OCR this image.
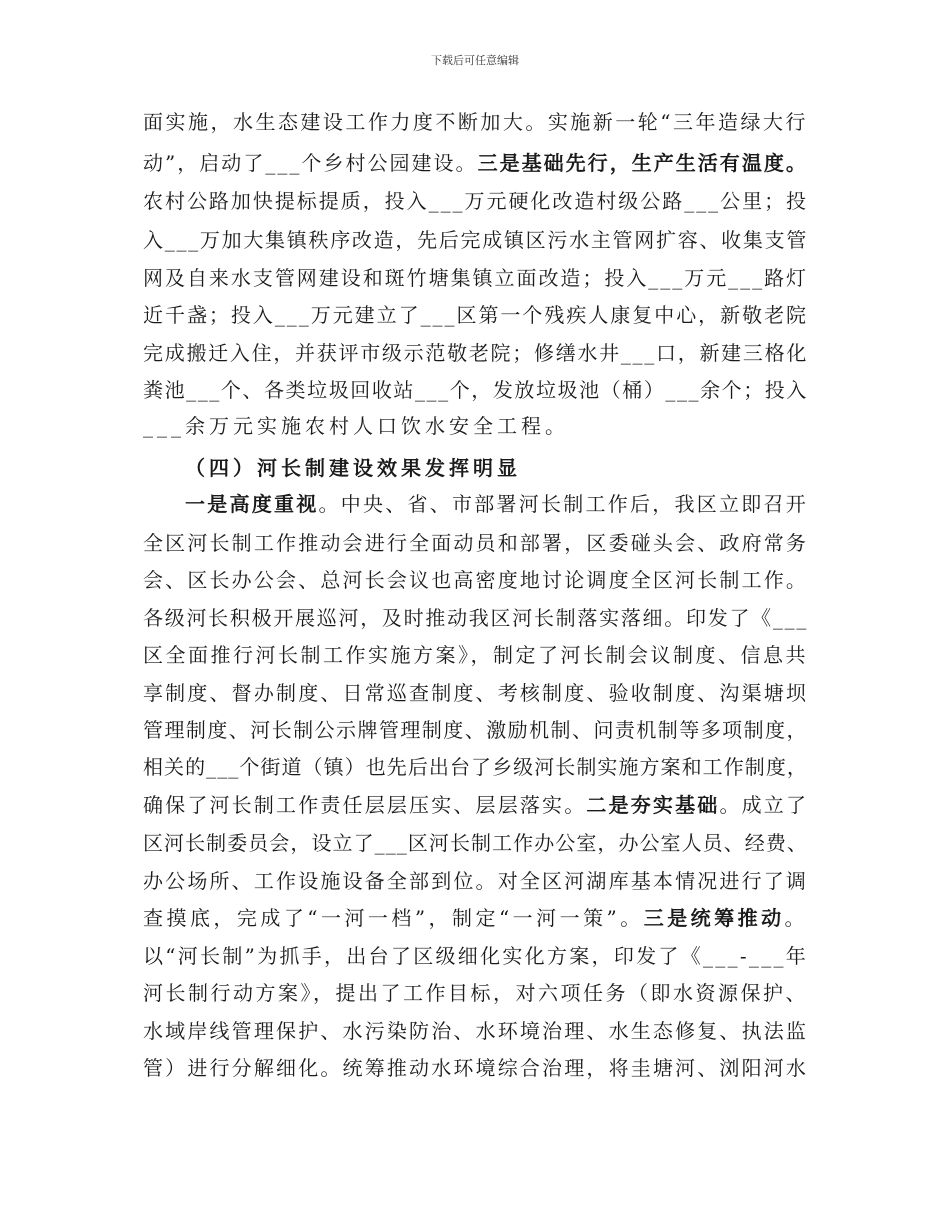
下载后可任意编辑
面实施，水生态建设工作力度不断加大。实施新一轮“三年造绿大行
动”，启动了___个乡村公园建设。三是基础先行，生产生活有温度。
农村公路加快提标提质，投入___万元硬化改造村级公路___公里；投
入___万加大集镇秩序改造，先后完成镇区污水主管网扩容、收集支管
网及自来水支管网建设和斑竹塘集镇立面改造；投入___万元___路灯
近千盏；投入___万元建立了___区第一个残疾人康复中心，新敬老院
完成搬迁入住，并获评市级示范敬老院；修缮水井___口，新建三格化
粪池___个、各类垃圾回收站___个，发放垃圾池（桶）___余个；投入
___余万元实施农村人口饮水安全工程。
（四）河长制建设效果发挥明显
一是高度重视。中央、省、市部署河长制工作后，我区立即召开
全区河长制工作推动会进行全面动员和部署，区委碰头会、政府常务
会、区长办公会、总河长会议也高密度地讨论调度全区河长制工作。
各级河长积极开展巡河，及时推动我区河长制落实落细。印发了《___
区全面推行河长制工作实施方案》，制定了河长制会议制度、信息共
享制度、督办制度、日常巡查制度、考核制度、验收制度、沟渠塘坝
管理制度、河长制公示牌管理制度、激励机制、问责机制等多项制度，
相关的___个街道（镇）也先后出台了乡级河长制实施方案和工作制度，
确保了河长制工作责任层层压实、层层落实。二是夯实基础。成立了
区河长制委员会，设立了___区河长制工作办公室，办公室人员、经费、
办公场所、工作设施设备全部到位。对全区河湖库基本情况进行了调
查摸底，完成了“一河一档”，制定“一河一策”。三是统筹推动。
以“河长制”为抓手，出台了区级细化实化方案，印发了《___-___年
河长制行动方案》，提出了工作目标，对六项任务（即水资源保护、
水域岸线管理保护、水污染防治、水环境治理、水生态修复、执法监
管）进行分解细化。统筹推动水环境综合治理，将圭塘河、浏阳河水
